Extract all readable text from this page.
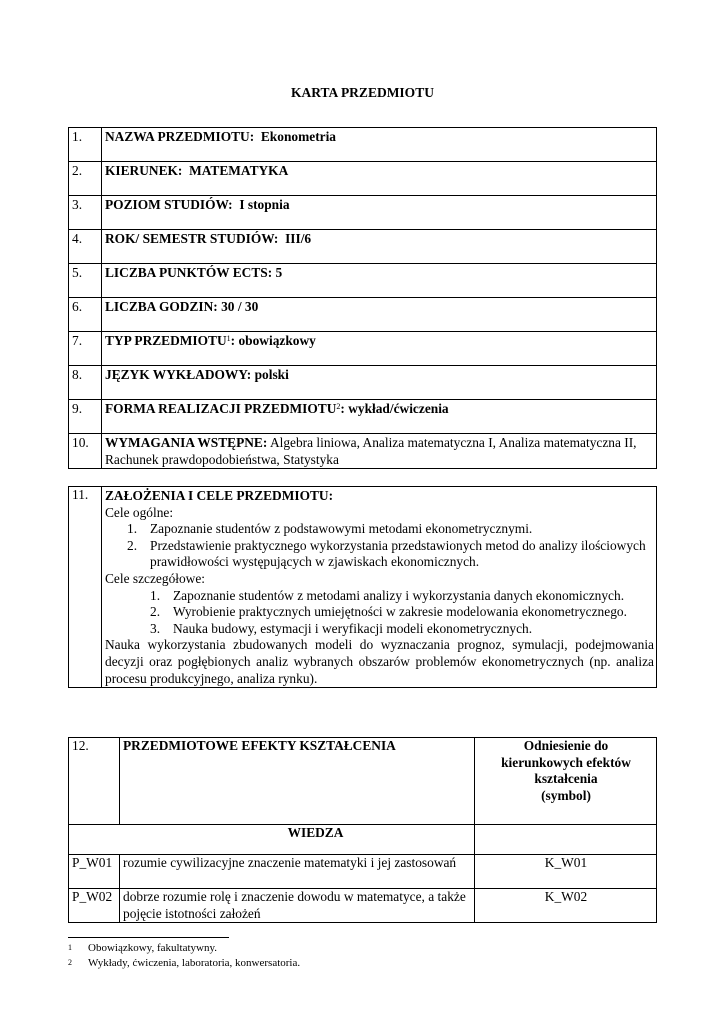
KARTA PRZEDMIOTU
1.	NAZWA PRZEDMIOTU: Ekonometria
2.	KIERUNEK: MATEMATYKA
3.	POZIOM STUDIÓW: I stopnia
4.	ROK/ SEMESTR STUDIÓW: III/6
5.	LICZBA PUNKTÓW ECTS: 5
6.	LICZBA GODZIN: 30 / 30
7.	TYP PRZEDMIOTU$^1$: obowiązkowy
8.	JĘZYK WYKŁADOWY: polski
9.	FORMA REALIZACJI PRZEDMIOTU$^2$: wykład/ćwiczenia
10.	WYMAGANIA WSTĘPNE: Algebra liniowa, Analiza matematyczna I, Analiza matematyczna II, Rachunek prawdopodobieństwa, Statystyka
11.	ZAŁOŻENIA I CELE PRZEDMIOTU:
Cele ogólne:
1. Zapoznanie studentów z podstawowymi metodami ekonometrycznymi.
2. Przedstawienie praktycznego wykorzystania przedstawionych metod do analizy ilościowych prawidłowości występujących w zjawiskach ekonomicznych.
Cele szczegółowe:
1. Zapoznanie studentów z metodami analizy i wykorzystania danych ekonomicznych.
2. Wyrobienie praktycznych umiejętności w zakresie modelowania ekonometrycznego.
3. Nauka budowy, estymacji i weryfikacji modeli ekonometrycznych.
Nauka wykorzystania zbudowanych modeli do wyznaczania prognoz, symulacji, podejmowania decyzji oraz pogłębionych analiz wybranych obszarów problemów ekonometrycznych (np. analiza procesu produkcyjnego, analiza rynku).
12.	PRZEDMIOTOWE EFEKTY KSZTAŁCENIA	Odniesienie do
kierunkowych efektów
kształcenia
(symbol)

WIEDZA		
P_W01	rozumie cywilizacyjne znaczenie matematyki i jej zastosowań	K_W01
P_W02	dobrze rozumie rolę i znaczenie dowodu w matematyce, a także pojęcie istotności założeń	K_W02
1	Obowiązkowy, fakultatywny.
2	Wykłady, ćwiczenia, laboratoria, konwersatoria.
